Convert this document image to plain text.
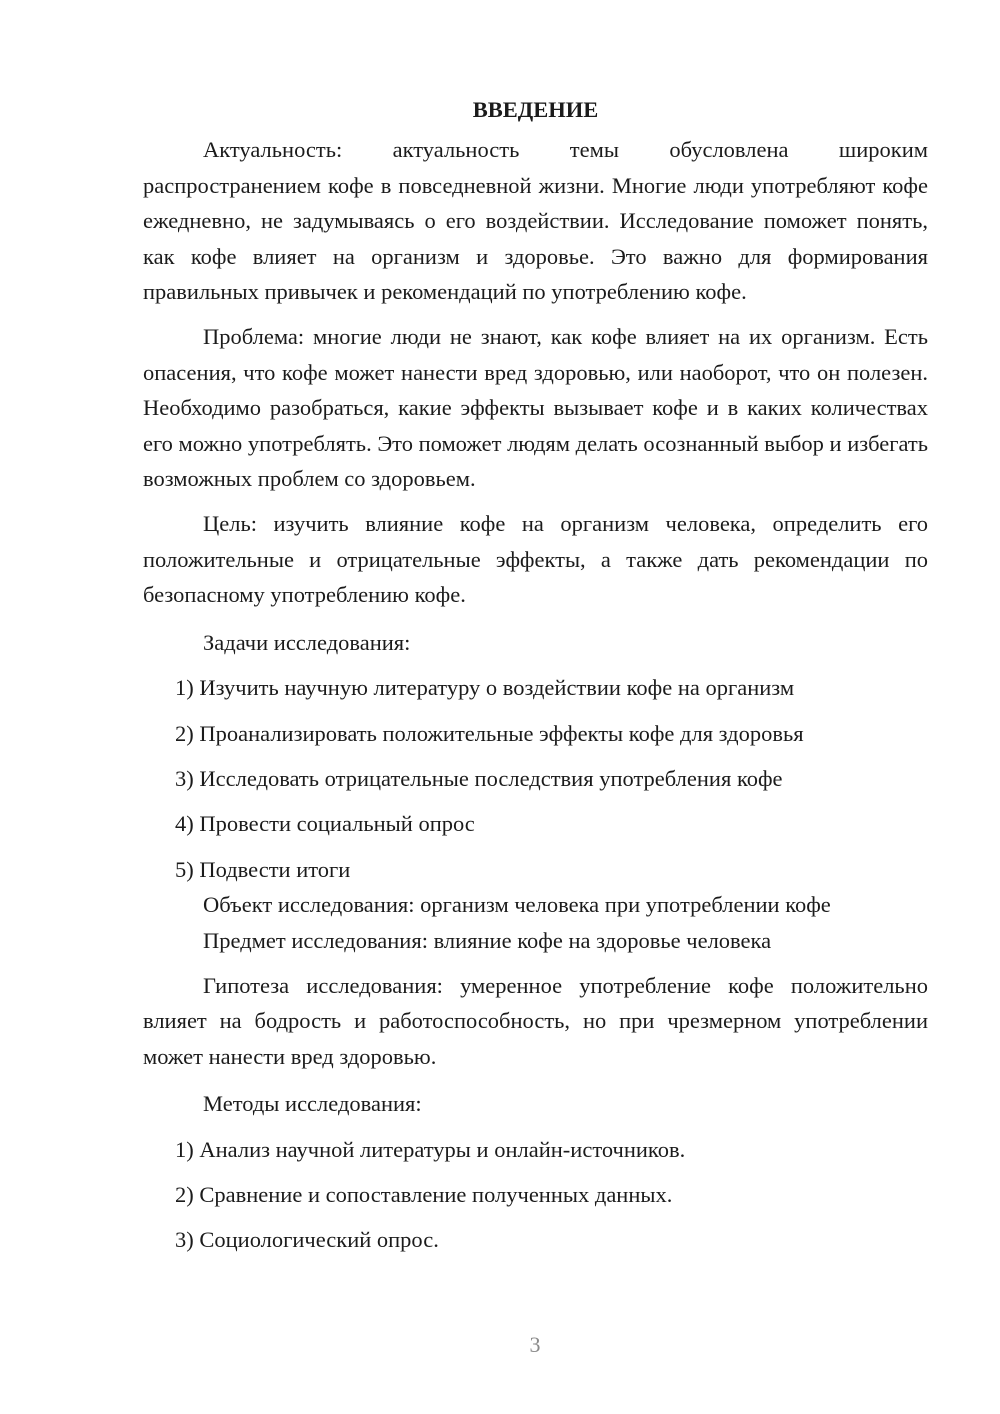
ВВЕДЕНИЕ

Актуальность: актуальность темы обусловлена широким распространением кофе в повседневной жизни. Многие люди употребляют кофе ежедневно, не задумываясь о его воздействии. Исследование поможет понять, как кофе влияет на организм и здоровье. Это важно для формирования правильных привычек и рекомендаций по употреблению кофе.

Проблема: многие люди не знают, как кофе влияет на их организм. Есть опасения, что кофе может нанести вред здоровью, или наоборот, что он полезен. Необходимо разобраться, какие эффекты вызывает кофе и в каких количествах его можно употреблять. Это поможет людям делать осознанный выбор и избегать возможных проблем со здоровьем.

Цель: изучить влияние кофе на организм человека, определить его положительные и отрицательные эффекты, а также дать рекомендации по безопасному употреблению кофе.

Задачи исследования:

1) Изучить научную литературу о воздействии кофе на организм
2) Проанализировать положительные эффекты кофе для здоровья
3) Исследовать отрицательные последствия употребления кофе
4) Провести социальный опрос
5) Подвести итоги

Объект исследования: организм человека при употреблении кофе

Предмет исследования: влияние кофе на здоровье человека

Гипотеза исследования: умеренное употребление кофе положительно влияет на бодрость и работоспособность, но при чрезмерном употреблении может нанести вред здоровью.

Методы исследования:

1) Анализ научной литературы и онлайн-источников.
2) Сравнение и сопоставление полученных данных.
3) Социологический опрос.
3
